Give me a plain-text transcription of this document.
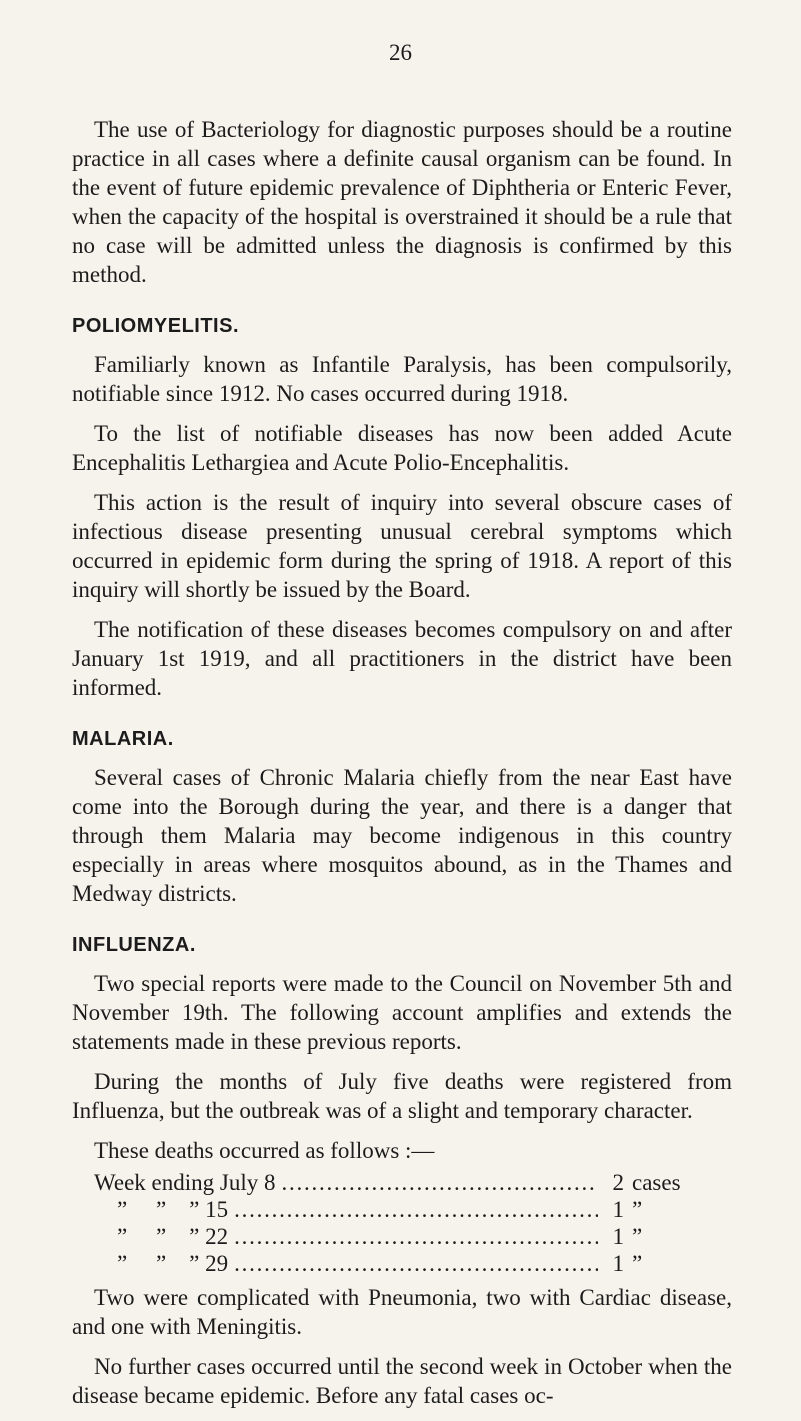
26

The use of Bacteriology for diagnostic purposes should be a routine practice in all cases where a definite causal organism can be found. In the event of future epidemic prevalence of Diphtheria or Enteric Fever, when the capacity of the hospital is overstrained it should be a rule that no case will be admitted unless the diagnosis is confirmed by this method.

POLIOMYELITIS.

Familiarly known as Infantile Paralysis, has been compulsorily, notifiable since 1912. No cases occurred during 1918.

To the list of notifiable diseases has now been added Acute Encephalitis Lethargiea and Acute Polio-Encephalitis.

This action is the result of inquiry into several obscure cases of infectious disease presenting unusual cerebral symptoms which occurred in epidemic form during the spring of 1918. A report of this inquiry will shortly be issued by the Board.

The notification of these diseases becomes compulsory on and after January 1st 1919, and all practitioners in the district have been informed.

MALARIA.

Several cases of Chronic Malaria chiefly from the near East have come into the Borough during the year, and there is a danger that through them Malaria may become indigenous in this country especially in areas where mosquitos abound, as in the Thames and Medway districts.

INFLUENZA.

Two special reports were made to the Council on November 5th and November 19th. The following account amplifies and extends the statements made in these previous reports.

During the months of July five deaths were registered from Influenza, but the outbreak was of a slight and temporary character.

These deaths occurred as follows :—

Week ending July 8 . . .	2 cases
”     ”    ” 15 . . .	1 ”
”     ”    ” 22 . . .	1 ”
”     ”    ” 29 . . .	1 ”

Two were complicated with Pneumonia, two with Cardiac disease, and one with Meningitis.

No further cases occurred until the second week in October when the disease became epidemic. Before any fatal cases oc-
